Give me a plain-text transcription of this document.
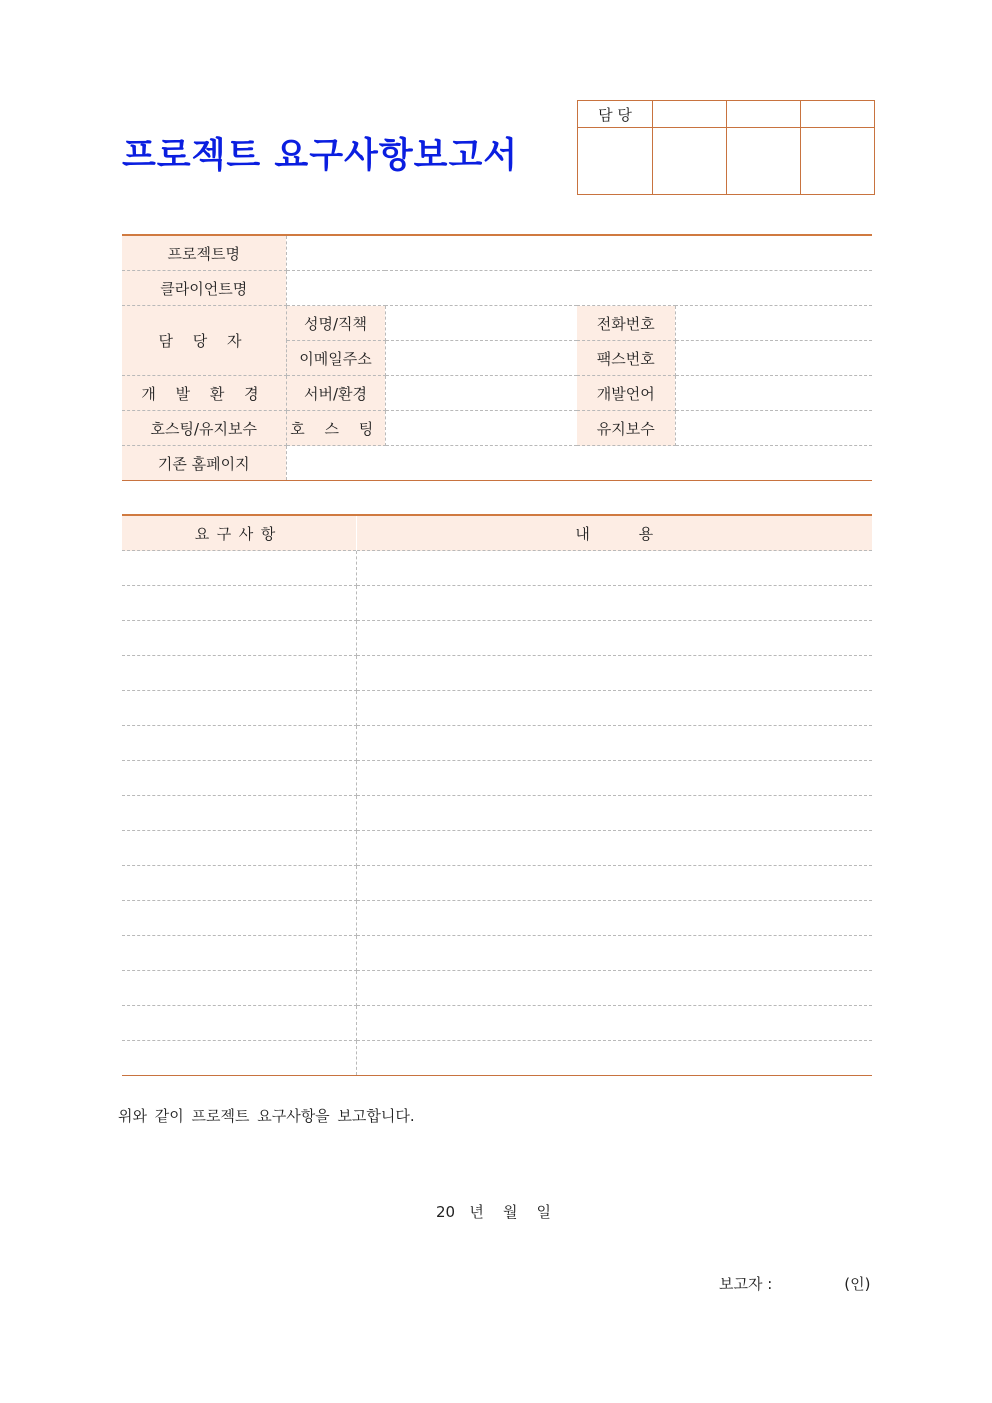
프로젝트 요구사항보고서
담 당			

프로젝트명				
클라이언트명				
담 당 자	성명/직책		전화번호	
	이메일주소		팩스번호	
개 발 환 경	서버/환경		개발언어	
호스팅/유지보수	호 스 팅		유지보수	
기존 홈페이지				
요구사항	내 용

위와 같이 프로젝트 요구사항을 보고합니다.
20   년    월    일
보고자 :	(인)
